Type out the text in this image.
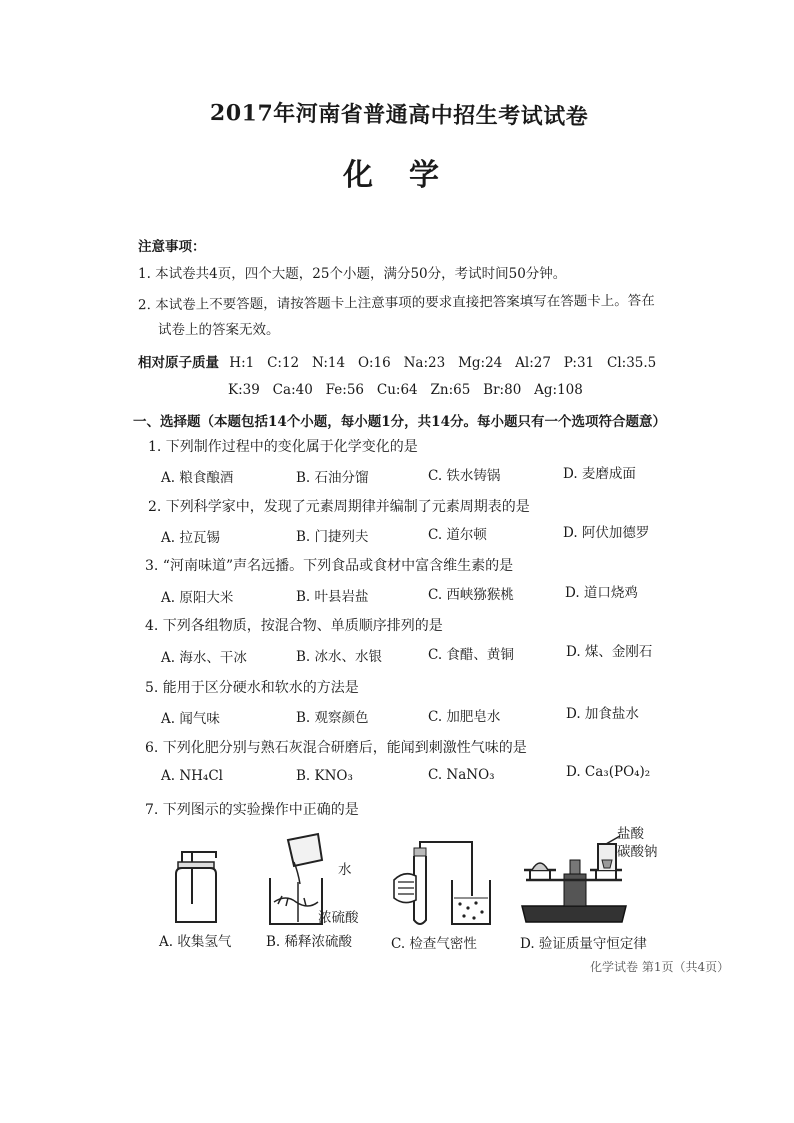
2017年河南省普通高中招生考试试卷
化学
注意事项：
1. 本试卷共4页，四个大题，25个小题，满分50分，考试时间50分钟。
2. 本试卷上不要答题，请按答题卡上注意事项的要求直接把答案填写在答题卡上。答在
试卷上的答案无效。
相对原子质量 H:1   C:12   N:14   O:16   Na:23   Mg:24   Al:27   P:31   Cl:35.5
K:39   Ca:40   Fe:56   Cu:64   Zn:65   Br:80   Ag:108
一、选择题（本题包括14个小题，每小题1分，共14分。每小题只有一个选项符合题意）
1. 下列制作过程中的变化属于化学变化的是
A. 粮食酿酒	B. 石油分馏	C. 铁水铸锅	D. 麦磨成面
2. 下列科学家中，发现了元素周期律并编制了元素周期表的是
A. 拉瓦锡	B. 门捷列夫	C. 道尔顿	D. 阿伏加德罗
3. “河南味道”声名远播。下列食品或食材中富含维生素的是
A. 原阳大米	B. 叶县岩盐	C. 西峡猕猴桃	D. 道口烧鸡
4. 下列各组物质，按混合物、单质顺序排列的是
A. 海水、干冰	B. 冰水、水银	C. 食醋、黄铜	D. 煤、金刚石
5. 能用于区分硬水和软水的方法是
A. 闻气味	B. 观察颜色	C. 加肥皂水	D. 加食盐水
6. 下列化肥分别与熟石灰混合研磨后，能闻到刺激性气味的是
A. NH₄Cl	B. KNO₃	C. NaNO₃	D. Ca₃(PO₄)₂
7. 下列图示的实验操作中正确的是
A. 收集氢气
水
浓硫酸
B. 稀释浓硫酸	C. 检查气密性
盐酸
碳酸钠
D. 验证质量守恒定律
化学试卷 第1页（共4页）
